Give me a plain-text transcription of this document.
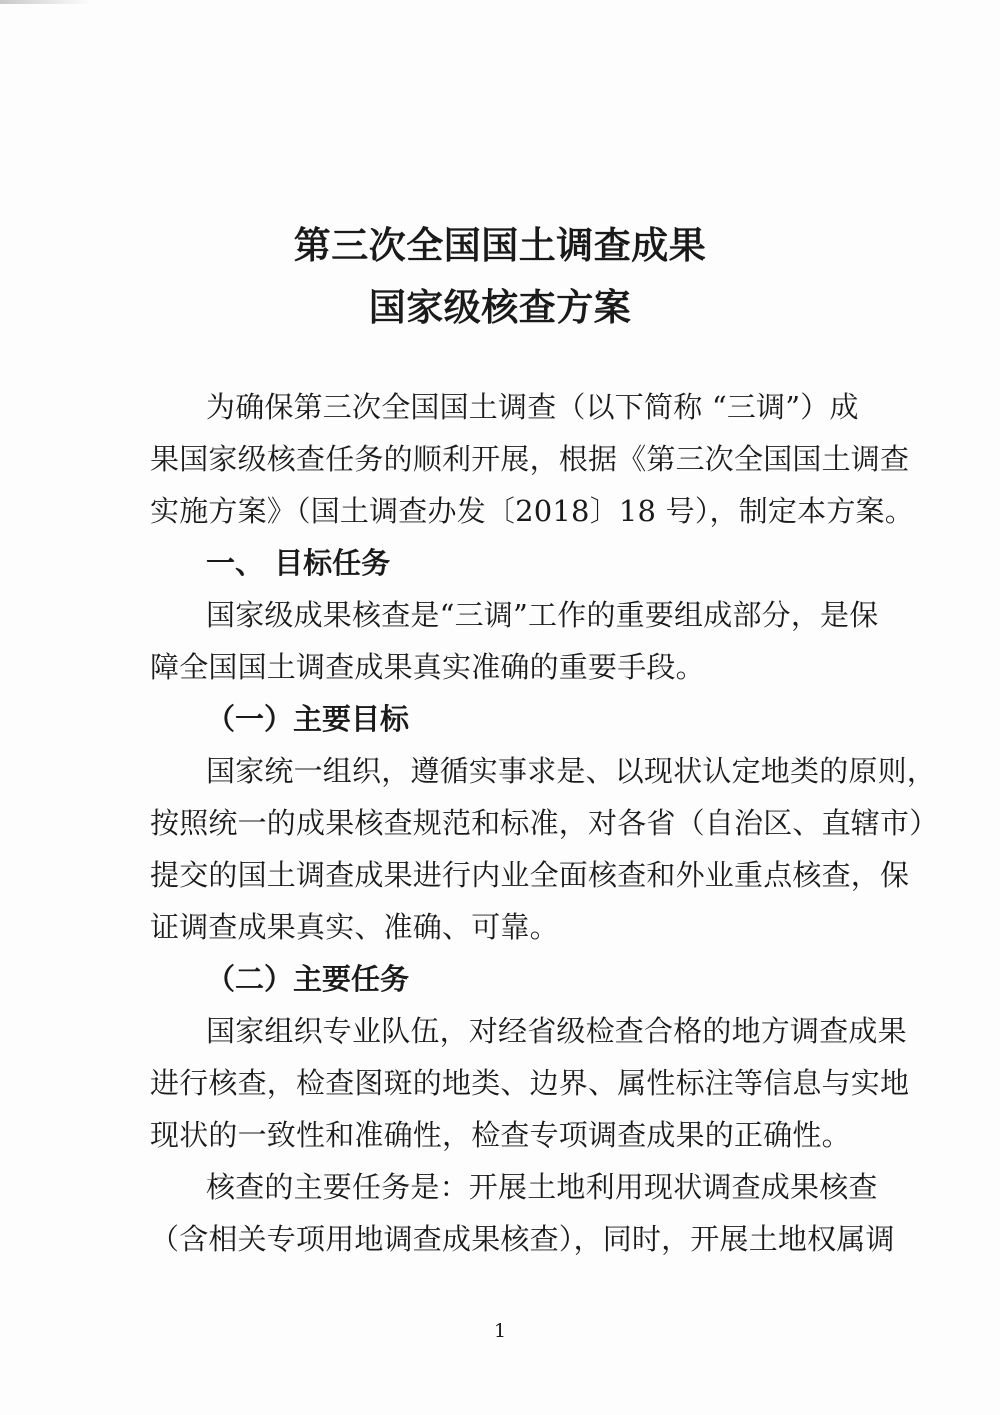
第三次全国国土调查成果
国家级核查方案
为确保第三次全国国土调查（以下简称 “三调”）成
果国家级核查任务的顺利开展，根据《第三次全国国土调查
实施方案》（国土调查办发〔2018〕18 号），制定本方案。
一、 目标任务
国家级成果核查是“三调”工作的重要组成部分，是保
障全国国土调查成果真实准确的重要手段。
（一）主要目标
国家统一组织，遵循实事求是、以现状认定地类的原则，
按照统一的成果核查规范和标准，对各省（自治区、直辖市）
提交的国土调查成果进行内业全面核查和外业重点核查，保
证调查成果真实、准确、可靠。
（二）主要任务
国家组织专业队伍，对经省级检查合格的地方调查成果
进行核查，检查图斑的地类、边界、属性标注等信息与实地
现状的一致性和准确性，检查专项调查成果的正确性。
核查的主要任务是：开展土地利用现状调查成果核查
（含相关专项用地调查成果核查），同时，开展土地权属调
1
